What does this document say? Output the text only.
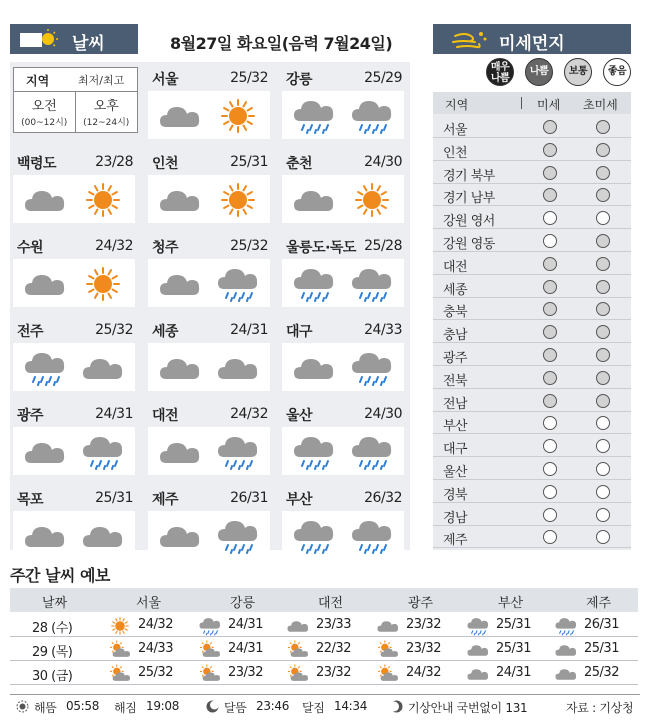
날씨	8월27일 화요일(음력 7월24일)	미세먼지
지역	최저/최고
오전
(00~12시)
오후
(12~24시)
서울	25/32 강릉	25/29
백령도	23/28 인천	25/31 춘천	24/30
수원	24/32 청주	25/32 울릉도·독도 25/28
전주	25/32 세종	24/31 대구	24/33
광주	24/31 대전	24/32 울산	24/30
목포	25/31 제주	26/31 부산	26/32
매우
나쁨
나쁨	보통	좋음
지역	미세 초미세
서울
인천
경기 북부
경기 남부
강원 영서
강원 영동
대전
세종
충북
충남
광주
전북
전남
부산
대구
울산
경북
경남
제주
주간 날씨 예보
날짜	서울	강릉	대전	광주	부산	제주
28 (수)	24/32	24/31	23/33	23/32	25/31	26/31
29 (목)	24/33	24/31	22/32	23/32	25/31	25/31
30 (금)	25/32	23/32	23/32	24/32	24/31	25/32
해뜸 05:58 해짐 19:08	달뜸 23:46 달짐 14:34	기상안내 국번없이 131	자료 : 기상청
